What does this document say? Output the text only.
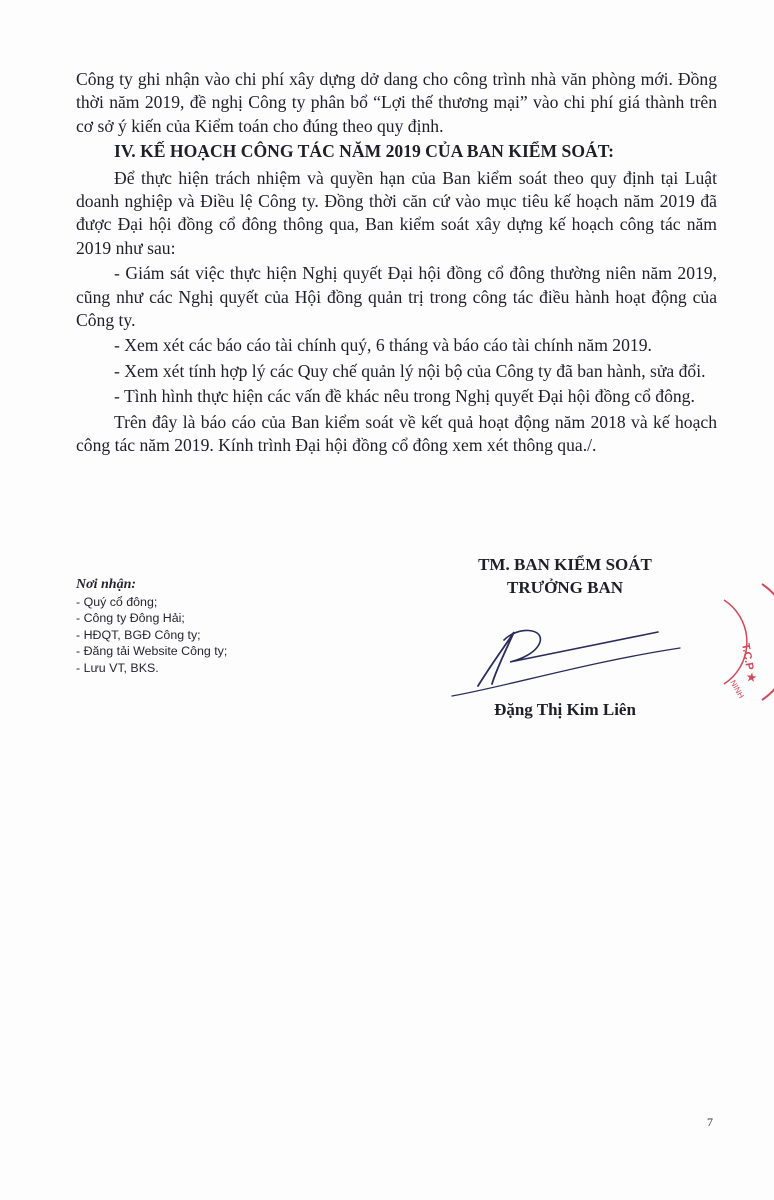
Công ty ghi nhận vào chi phí xây dựng dở dang cho công trình nhà văn phòng mới. Đồng thời năm 2019, đề nghị Công ty phân bổ “Lợi thế thương mại” vào chi phí giá thành trên cơ sở ý kiến của Kiểm toán cho đúng theo quy định.

IV. KẾ HOẠCH CÔNG TÁC NĂM 2019 CỦA BAN KIỂM SOÁT:

Để thực hiện trách nhiệm và quyền hạn của Ban kiểm soát theo quy định tại Luật doanh nghiệp và Điều lệ Công ty. Đồng thời căn cứ vào mục tiêu kế hoạch năm 2019 đã được Đại hội đồng cổ đông thông qua, Ban kiểm soát xây dựng kế hoạch công tác năm 2019 như sau:

- Giám sát việc thực hiện Nghị quyết Đại hội đồng cổ đông thường niên năm 2019, cũng như các Nghị quyết của Hội đồng quản trị trong công tác điều hành hoạt động của Công ty.

- Xem xét các báo cáo tài chính quý, 6 tháng và báo cáo tài chính năm 2019.

- Xem xét tính hợp lý các Quy chế quản lý nội bộ của Công ty đã ban hành, sửa đổi.

- Tình hình thực hiện các vấn đề khác nêu trong Nghị quyết Đại hội đồng cổ đông.

Trên đây là báo cáo của Ban kiểm soát về kết quả hoạt động năm 2018 và kế hoạch công tác năm 2019. Kính trình Đại hội đồng cổ đông xem xét thông qua./.

Nơi nhận:
- Quý cổ đông;
- Công ty Đông Hải;
- HĐQT, BGĐ Công ty;
- Đăng tải Website Công ty;
- Lưu VT, BKS.
TM. BAN KIỂM SOÁT
TRƯỞNG BAN
Đặng Thị Kim Liên
T.C.P ★
NINH
7
